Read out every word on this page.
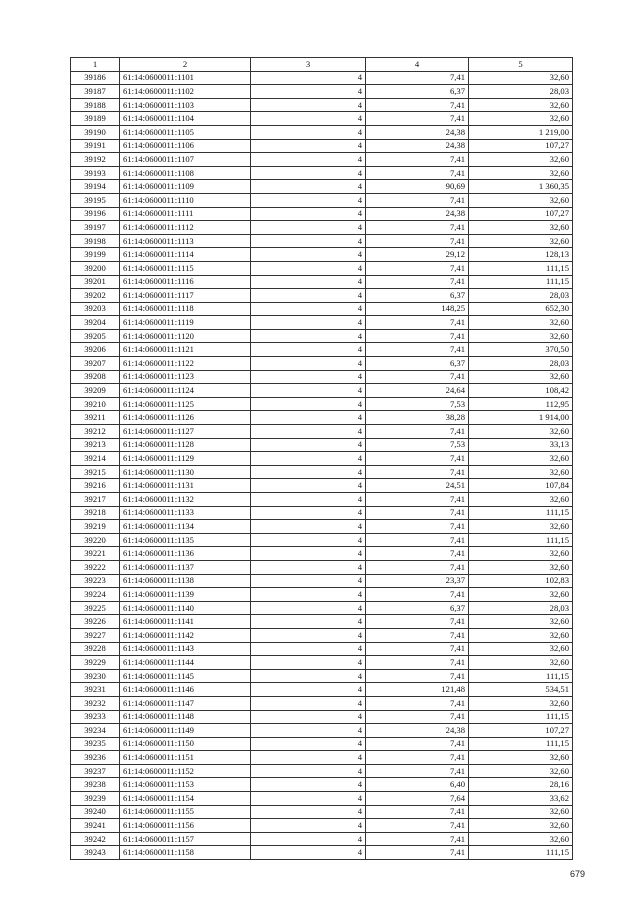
1	2	3	4	5
39186	61:14:0600011:1101	4	7,41	32,60
39187	61:14:0600011:1102	4	6,37	28,03
39188	61:14:0600011:1103	4	7,41	32,60
39189	61:14:0600011:1104	4	7,41	32,60
39190	61:14:0600011:1105	4	24,38	1 219,00
39191	61:14:0600011:1106	4	24,38	107,27
39192	61:14:0600011:1107	4	7,41	32,60
39193	61:14:0600011:1108	4	7,41	32,60
39194	61:14:0600011:1109	4	90,69	1 360,35
39195	61:14:0600011:1110	4	7,41	32,60
39196	61:14:0600011:1111	4	24,38	107,27
39197	61:14:0600011:1112	4	7,41	32,60
39198	61:14:0600011:1113	4	7,41	32,60
39199	61:14:0600011:1114	4	29,12	128,13
39200	61:14:0600011:1115	4	7,41	111,15
39201	61:14:0600011:1116	4	7,41	111,15
39202	61:14:0600011:1117	4	6,37	28,03
39203	61:14:0600011:1118	4	148,25	652,30
39204	61:14:0600011:1119	4	7,41	32,60
39205	61:14:0600011:1120	4	7,41	32,60
39206	61:14:0600011:1121	4	7,41	370,50
39207	61:14:0600011:1122	4	6,37	28,03
39208	61:14:0600011:1123	4	7,41	32,60
39209	61:14:0600011:1124	4	24,64	108,42
39210	61:14:0600011:1125	4	7,53	112,95
39211	61:14:0600011:1126	4	38,28	1 914,00
39212	61:14:0600011:1127	4	7,41	32,60
39213	61:14:0600011:1128	4	7,53	33,13
39214	61:14:0600011:1129	4	7,41	32,60
39215	61:14:0600011:1130	4	7,41	32,60
39216	61:14:0600011:1131	4	24,51	107,84
39217	61:14:0600011:1132	4	7,41	32,60
39218	61:14:0600011:1133	4	7,41	111,15
39219	61:14:0600011:1134	4	7,41	32,60
39220	61:14:0600011:1135	4	7,41	111,15
39221	61:14:0600011:1136	4	7,41	32,60
39222	61:14:0600011:1137	4	7,41	32,60
39223	61:14:0600011:1138	4	23,37	102,83
39224	61:14:0600011:1139	4	7,41	32,60
39225	61:14:0600011:1140	4	6,37	28,03
39226	61:14:0600011:1141	4	7,41	32,60
39227	61:14:0600011:1142	4	7,41	32,60
39228	61:14:0600011:1143	4	7,41	32,60
39229	61:14:0600011:1144	4	7,41	32,60
39230	61:14:0600011:1145	4	7,41	111,15
39231	61:14:0600011:1146	4	121,48	534,51
39232	61:14:0600011:1147	4	7,41	32,60
39233	61:14:0600011:1148	4	7,41	111,15
39234	61:14:0600011:1149	4	24,38	107,27
39235	61:14:0600011:1150	4	7,41	111,15
39236	61:14:0600011:1151	4	7,41	32,60
39237	61:14:0600011:1152	4	7,41	32,60
39238	61:14:0600011:1153	4	6,40	28,16
39239	61:14:0600011:1154	4	7,64	33,62
39240	61:14:0600011:1155	4	7,41	32,60
39241	61:14:0600011:1156	4	7,41	32,60
39242	61:14:0600011:1157	4	7,41	32,60
39243	61:14:0600011:1158	4	7,41	111,15
679
